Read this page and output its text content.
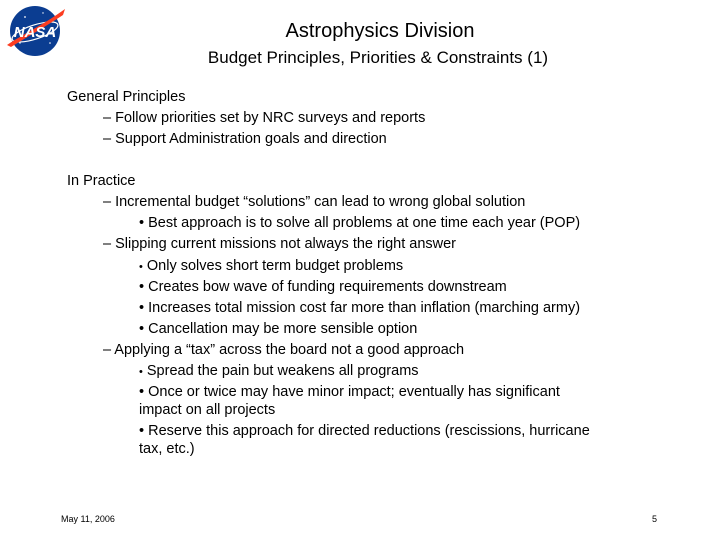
NASA	Astrophysics Division
Budget Principles, Priorities & Constraints (1)
General Principles
– Follow priorities set by NRC surveys and reports
– Support Administration goals and direction
In Practice
– Incremental budget “solutions” can lead to wrong global solution
• Best approach is to solve all problems at one time each year (POP)
– Slipping current missions not always the right answer
• Only solves short term budget problems
• Creates bow wave of funding requirements downstream
• Increases total mission cost far more than inflation (marching army)
• Cancellation may be more sensible option
– Applying a “tax” across the board not a good approach
• Spread the pain but weakens all programs
• Once or twice may have minor impact; eventually has significant
impact on all projects
• Reserve this approach for directed reductions (rescissions, hurricane
tax, etc.)
May 11, 2006	5
